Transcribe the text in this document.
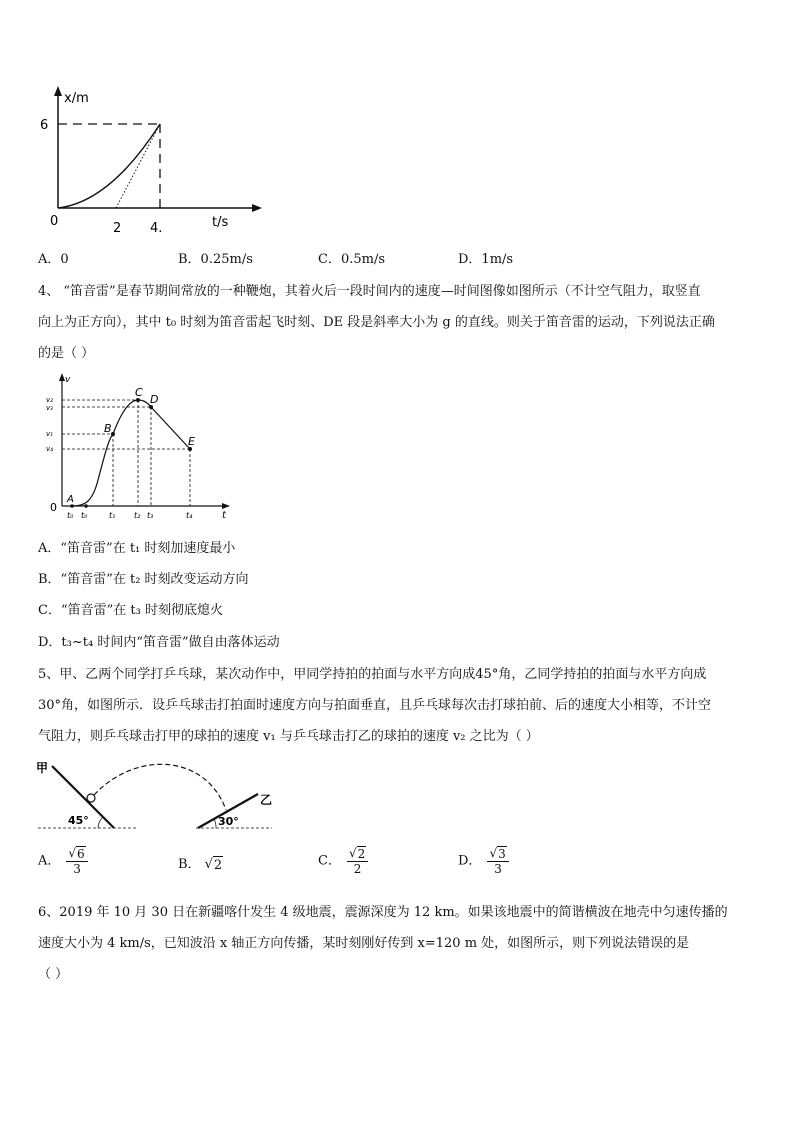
x/m
6
0	2 4.	t/s
A．0	B．0.25m/s	C．0.5m/s	D．1m/s
4、 “笛音雷”是春节期间常放的一种鞭炮，其着火后一段时间内的速度—时间图像如图所示（不计空气阻力，取竖直
向上为正方向），其中 t₀ 时刻为笛音雷起飞时刻、DE 段是斜率大小为 g 的直线。则关于笛音雷的运动，下列说法正确
的是（ ）
v
t
0
v₂
v₃
v₁
v₄
A
B
C
D
E
t₀ t₀	t₁ t₂ t₃	t₄
A．“笛音雷”在 t₁ 时刻加速度最小
B．“笛音雷”在 t₂ 时刻改变运动方向
C．“笛音雷”在 t₃ 时刻彻底熄火
D．t₃~t₄ 时间内“笛音雷”做自由落体运动
5、甲、乙两个同学打乒乓球，某次动作中，甲同学持拍的拍面与水平方向成45°角，乙同学持拍的拍面与水平方向成
30°角，如图所示．设乒乓球击打拍面时速度方向与拍面垂直，且乒乓球每次击打球拍前、后的速度大小相等，不计空
气阻力，则乒乓球击打甲的球拍的速度 v₁ 与乒乓球击打乙的球拍的速度 v₂ 之比为（ ）
甲
乙
45°	30°
A． $\frac{√ 6}{3}$	B． √ 2	C． $\frac{√ 2}{2}$	D． $\frac{√ 3}{3}$
6、2019 年 10 月 30 日在新疆喀什发生 4 级地震，震源深度为 12 km。如果该地震中的简谐横波在地壳中匀速传播的
速度大小为 4 km/s，已知波沿 x 轴正方向传播，某时刻刚好传到 x=120 m 处，如图所示，则下列说法错误的是
（ ）
